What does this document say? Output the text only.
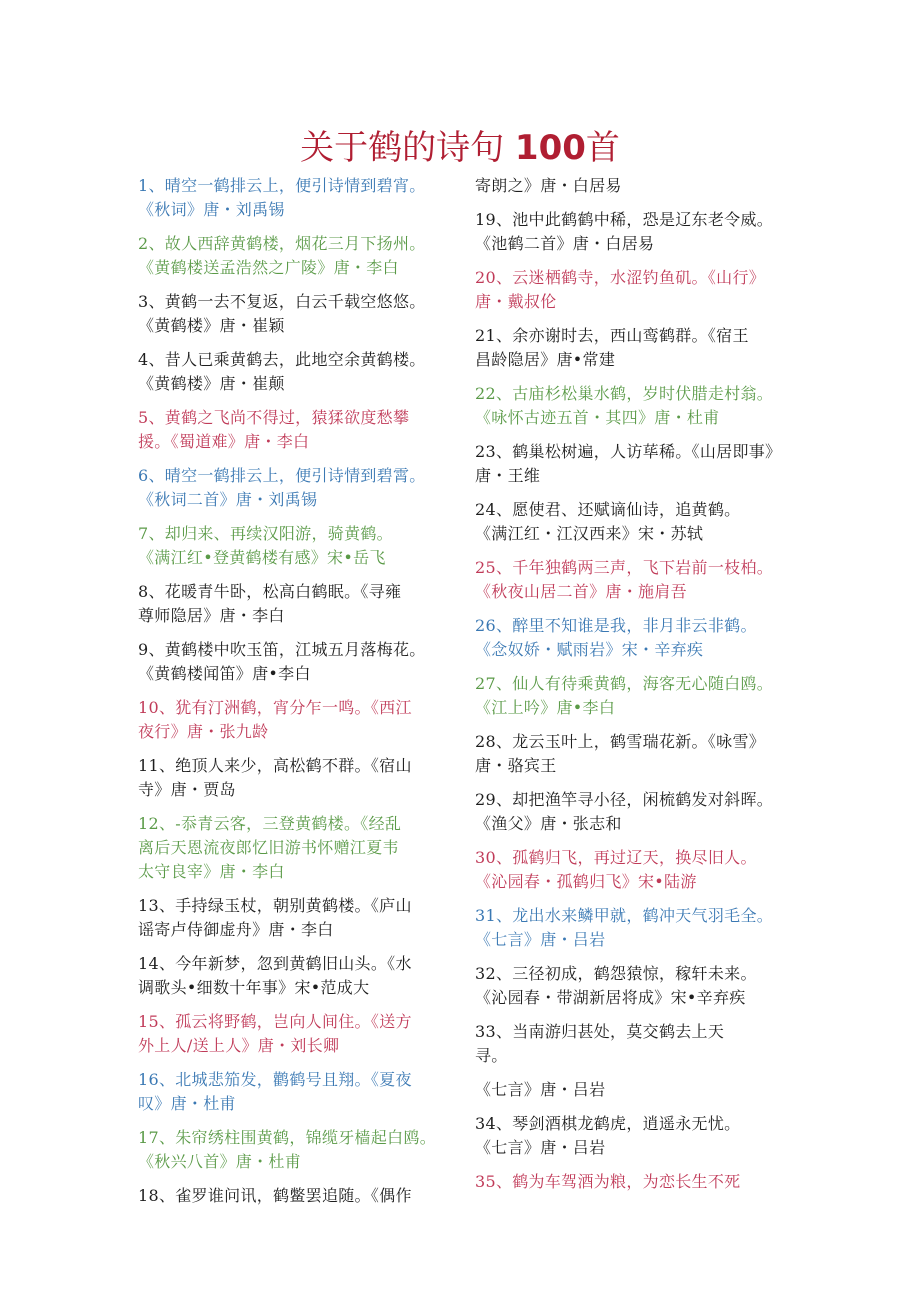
关于鹤的诗句 100首
1、晴空一鹤排云上，便引诗情到碧宵。
《秋词》唐・刘禹锡
2、故人西辞黄鹤楼，烟花三月下扬州。
《黄鹤楼送孟浩然之广陵》唐・李白
3、黄鹤一去不复返，白云千载空悠悠。
《黄鹤楼》唐・崔颖
4、昔人已乘黄鹤去，此地空余黄鹤楼。
《黄鹤楼》唐・崔颠
5、黄鹤之飞尚不得过，猿猱欲度愁攀
援。《蜀道难》唐・李白
6、晴空一鹤排云上，便引诗情到碧霄。
《秋词二首》唐・刘禹锡
7、却归来、再续汉阳游，骑黄鹤。
《满江红•登黄鹤楼有感》宋•岳飞
8、花暖青牛卧，松高白鹤眠。《寻雍
尊师隐居》唐・李白
9、黄鹤楼中吹玉笛，江城五月落梅花。
《黄鹤楼闻笛》唐•李白
10、犹有汀洲鹤，宵分乍一鸣。《西江
夜行》唐・张九龄
11、绝顶人来少，高松鹤不群。《宿山
寺》唐・贾岛
12、-忝青云客，三登黄鹤楼。《经乱
离后天恩流夜郎忆旧游书怀赠江夏韦
太守良宰》唐・李白
13、手持绿玉杖，朝别黄鹤楼。《庐山
谣寄卢侍御虚舟》唐・李白
14、今年新梦，忽到黄鹤旧山头。《水
调歌头•细数十年事》宋•范成大
15、孤云将野鹤，岂向人间住。《送方
外上人/送上人》唐・刘长卿
16、北城悲笳发，鹳鹤号且翔。《夏夜
叹》唐・杜甫
17、朱帘绣柱围黄鹤，锦缆牙樯起白鸥。
《秋兴八首》唐・杜甫
18、雀罗谁问讯，鹤鳖罢追随。《偶作
寄朗之》唐・白居易
19、池中此鹤鹤中稀，恐是辽东老令威。
《池鹤二首》唐・白居易
20、云迷栖鹤寺，水涩钓鱼矶。《山行》
唐・戴叔伦
21、余亦谢时去，西山鸾鹤群。《宿王
昌龄隐居》唐•常建
22、古庙杉松巢水鹤，岁时伏腊走村翁。
《咏怀古迹五首・其四》唐・杜甫
23、鹤巢松树遍，人访荜稀。《山居即事》
唐・王维
24、愿使君、还赋谪仙诗，追黄鹤。
《满江红・江汉西来》宋・苏轼
25、千年独鹤两三声，飞下岩前一枝柏。
《秋夜山居二首》唐・施肩吾
26、醉里不知谁是我，非月非云非鹤。
《念奴娇・赋雨岩》宋・辛弃疾
27、仙人有待乘黄鹤，海客无心随白鸥。
《江上吟》唐•李白
28、龙云玉叶上，鹤雪瑞花新。《咏雪》
唐・骆宾王
29、却把渔竿寻小径，闲梳鹤发对斜晖。
《渔父》唐・张志和
30、孤鹤归飞，再过辽天，换尽旧人。
《沁园春・孤鹤归飞》宋•陆游
31、龙出水来鳞甲就，鹤冲天气羽毛全。
《七言》唐・吕岩
32、三径初成，鹤怨猿惊，稼轩未来。
《沁园春・带湖新居将成》宋•辛弃疾
33、当南游归甚处，莫交鹤去上天
寻。
《七言》唐・吕岩
34、琴剑酒棋龙鹤虎，逍遥永无忧。
《七言》唐・吕岩
35、鹤为车驾酒为粮，为恋长生不死
